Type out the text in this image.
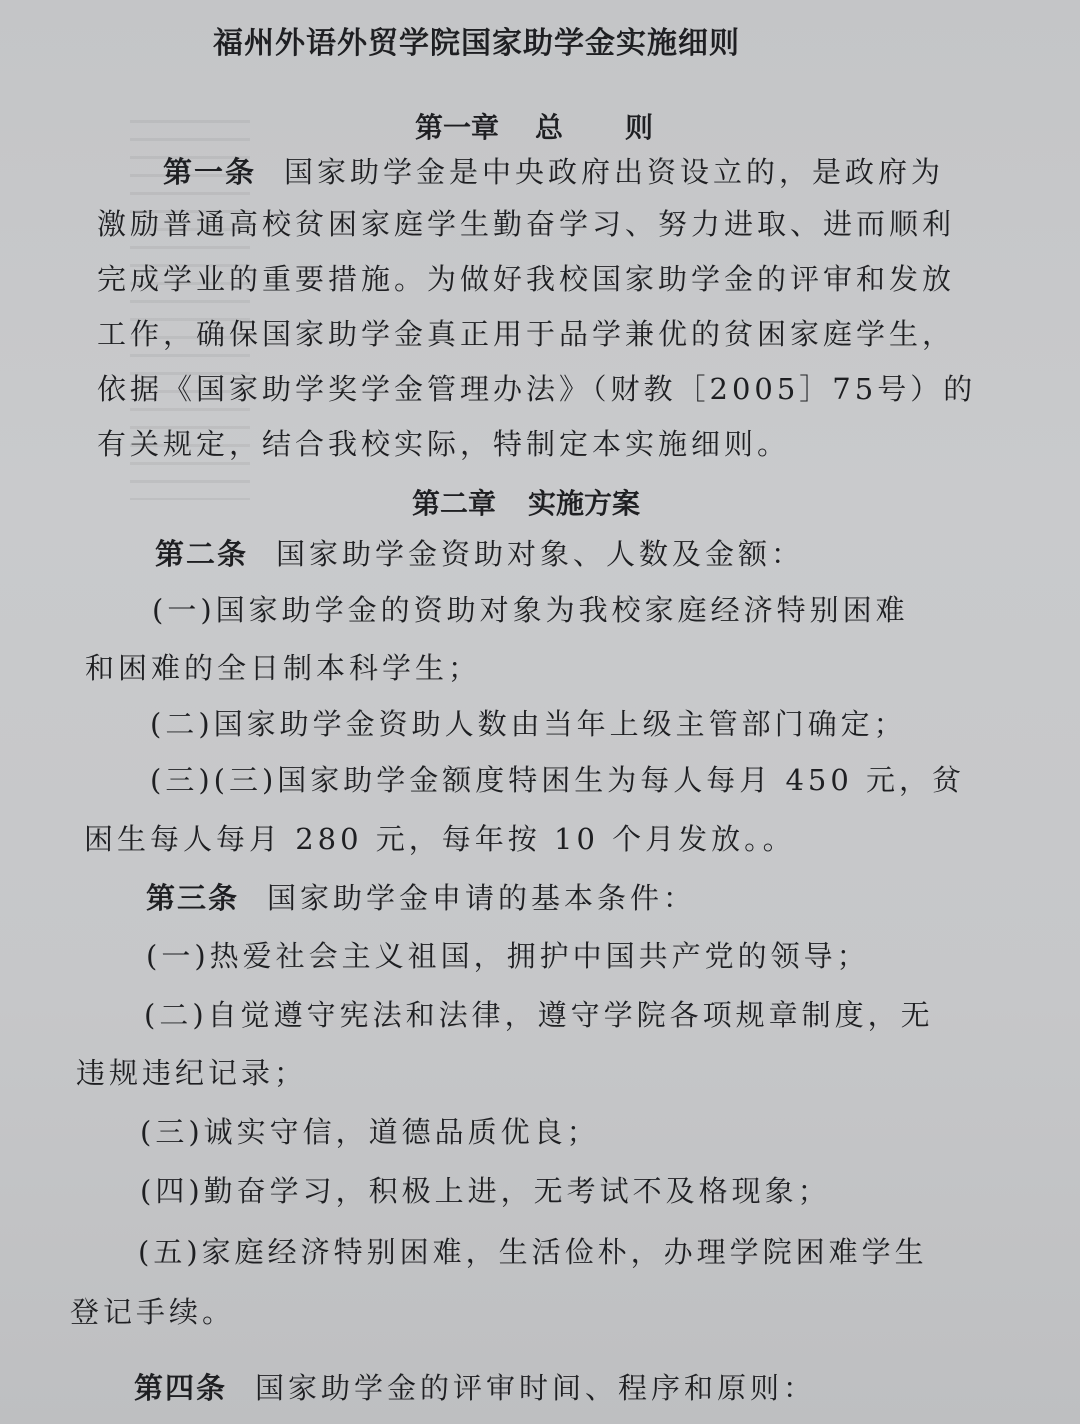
福州外语外贸学院国家助学金实施细则
第一章 总 则
第一条 国家助学金是中央政府出资设立的，是政府为
激励普通高校贫困家庭学生勤奋学习、努力进取、进而顺利
完成学业的重要措施。为做好我校国家助学金的评审和发放
工作，确保国家助学金真正用于品学兼优的贫困家庭学生，
依据《国家助学奖学金管理办法》（财教［2005］75号）的
有关规定，结合我校实际，特制定本实施细则。
第二章 实施方案
第二条 国家助学金资助对象、人数及金额：
(一)国家助学金的资助对象为我校家庭经济特别困难
和困难的全日制本科学生；
(二)国家助学金资助人数由当年上级主管部门确定；
(三)(三)国家助学金额度特困生为每人每月 450 元，贫
困生每人每月 280 元，每年按 10 个月发放。。
第三条 国家助学金申请的基本条件：
(一)热爱社会主义祖国，拥护中国共产党的领导；
(二)自觉遵守宪法和法律，遵守学院各项规章制度，无
违规违纪记录；
(三)诚实守信，道德品质优良；
(四)勤奋学习，积极上进，无考试不及格现象；
(五)家庭经济特别困难，生活俭朴，办理学院困难学生
登记手续。
第四条 国家助学金的评审时间、程序和原则：
